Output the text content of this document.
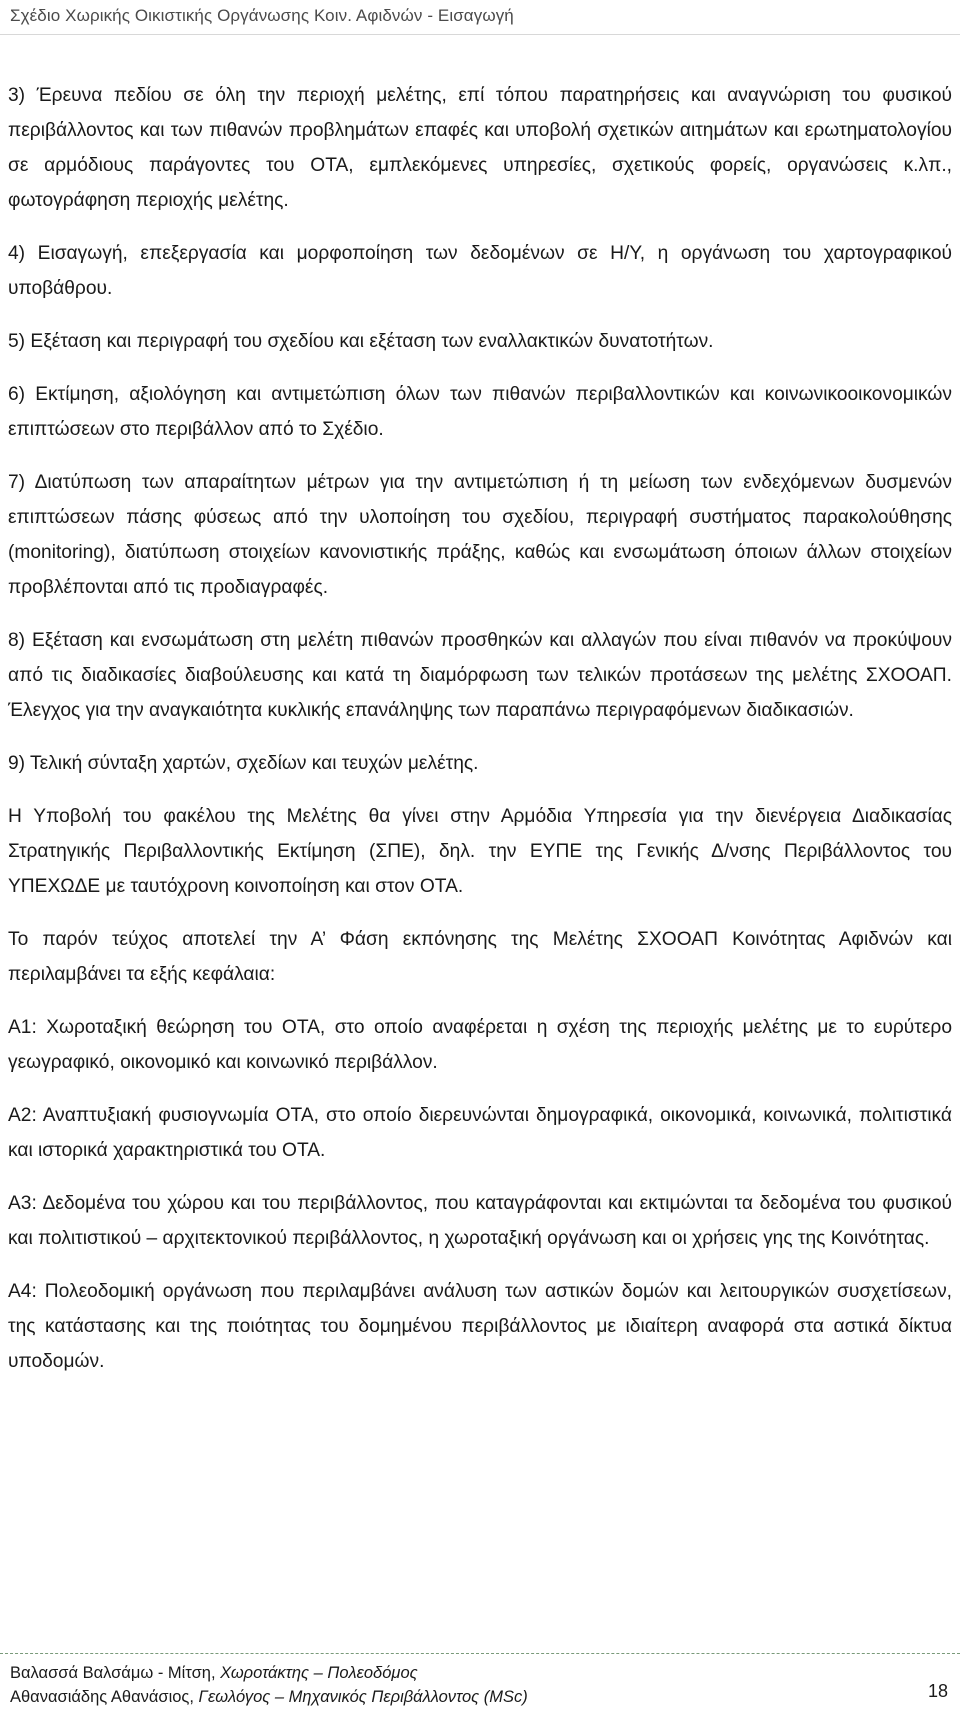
Σχέδιο Χωρικής Οικιστικής Οργάνωσης Κοιν. Αφιδνών - Εισαγωγή

3) Έρευνα πεδίου σε όλη την περιοχή μελέτης, επί τόπου παρατηρήσεις και αναγνώριση του φυσικού περιβάλλοντος και των πιθανών προβλημάτων επαφές και υποβολή σχετικών αιτημάτων και ερωτηματολογίου σε αρμόδιους παράγοντες του ΟΤΑ, εμπλεκόμενες υπηρεσίες, σχετικούς φορείς, οργανώσεις κ.λπ., φωτογράφηση περιοχής μελέτης.

4) Εισαγωγή, επεξεργασία και μορφοποίηση των δεδομένων σε Η/Υ, η οργάνωση του χαρτογραφικού υποβάθρου.

5) Εξέταση και περιγραφή του σχεδίου και εξέταση των εναλλακτικών δυνατοτήτων.

6) Εκτίμηση, αξιολόγηση και αντιμετώπιση όλων των πιθανών περιβαλλοντικών και κοινωνικοοικονομικών επιπτώσεων στο περιβάλλον από το Σχέδιο.

7) Διατύπωση των απαραίτητων μέτρων για την αντιμετώπιση ή τη μείωση των ενδεχόμενων δυσμενών επιπτώσεων πάσης φύσεως από την υλοποίηση του σχεδίου, περιγραφή συστήματος παρακολούθησης (monitoring), διατύπωση στοιχείων κανονιστικής πράξης, καθώς και ενσωμάτωση όποιων άλλων στοιχείων προβλέπονται από τις προδιαγραφές.

8) Εξέταση και ενσωμάτωση στη μελέτη πιθανών προσθηκών και αλλαγών που είναι πιθανόν να προκύψουν από τις διαδικασίες διαβούλευσης και κατά τη διαμόρφωση των τελικών προτάσεων της μελέτης ΣΧΟΟΑΠ. Έλεγχος για την αναγκαιότητα κυκλικής επανάληψης των παραπάνω περιγραφόμενων διαδικασιών.

9) Τελική σύνταξη χαρτών, σχεδίων και τευχών μελέτης.

Η Υποβολή του φακέλου της Μελέτης θα γίνει στην Αρμόδια Υπηρεσία για την διενέργεια Διαδικασίας Στρατηγικής Περιβαλλοντικής Εκτίμηση (ΣΠΕ), δηλ. την ΕΥΠΕ της Γενικής Δ/νσης Περιβάλλοντος του ΥΠΕΧΩΔΕ με ταυτόχρονη κοινοποίηση και στον ΟΤΑ.

Το παρόν τεύχος αποτελεί την Α’ Φάση εκπόνησης της Μελέτης ΣΧΟΟΑΠ Κοινότητας Αφιδνών και περιλαμβάνει τα εξής κεφάλαια:

Α1: Χωροταξική θεώρηση του ΟΤΑ, στο οποίο αναφέρεται η σχέση της περιοχής μελέτης με το ευρύτερο γεωγραφικό, οικονομικό και κοινωνικό περιβάλλον.

Α2: Αναπτυξιακή φυσιογνωμία ΟΤΑ, στο οποίο διερευνώνται δημογραφικά, οικονομικά, κοινωνικά, πολιτιστικά και ιστορικά χαρακτηριστικά του ΟΤΑ.

Α3: Δεδομένα του χώρου και του περιβάλλοντος, που καταγράφονται και εκτιμώνται τα δεδομένα του φυσικού και πολιτιστικού – αρχιτεκτονικού περιβάλλοντος, η χωροταξική οργάνωση και οι χρήσεις γης της Κοινότητας.

Α4: Πολεοδομική οργάνωση που περιλαμβάνει ανάλυση των αστικών δομών και λειτουργικών συσχετίσεων, της κατάστασης και της ποιότητας του δομημένου περιβάλλοντος με ιδιαίτερη αναφορά στα αστικά δίκτυα υποδομών.

Βαλασσά Βαλσάμω - Μίτση, Χωροτάκτης – Πολεοδόμος
Αθανασιάδης Αθανάσιος, Γεωλόγος – Μηχανικός Περιβάλλοντος (MSc)	18
